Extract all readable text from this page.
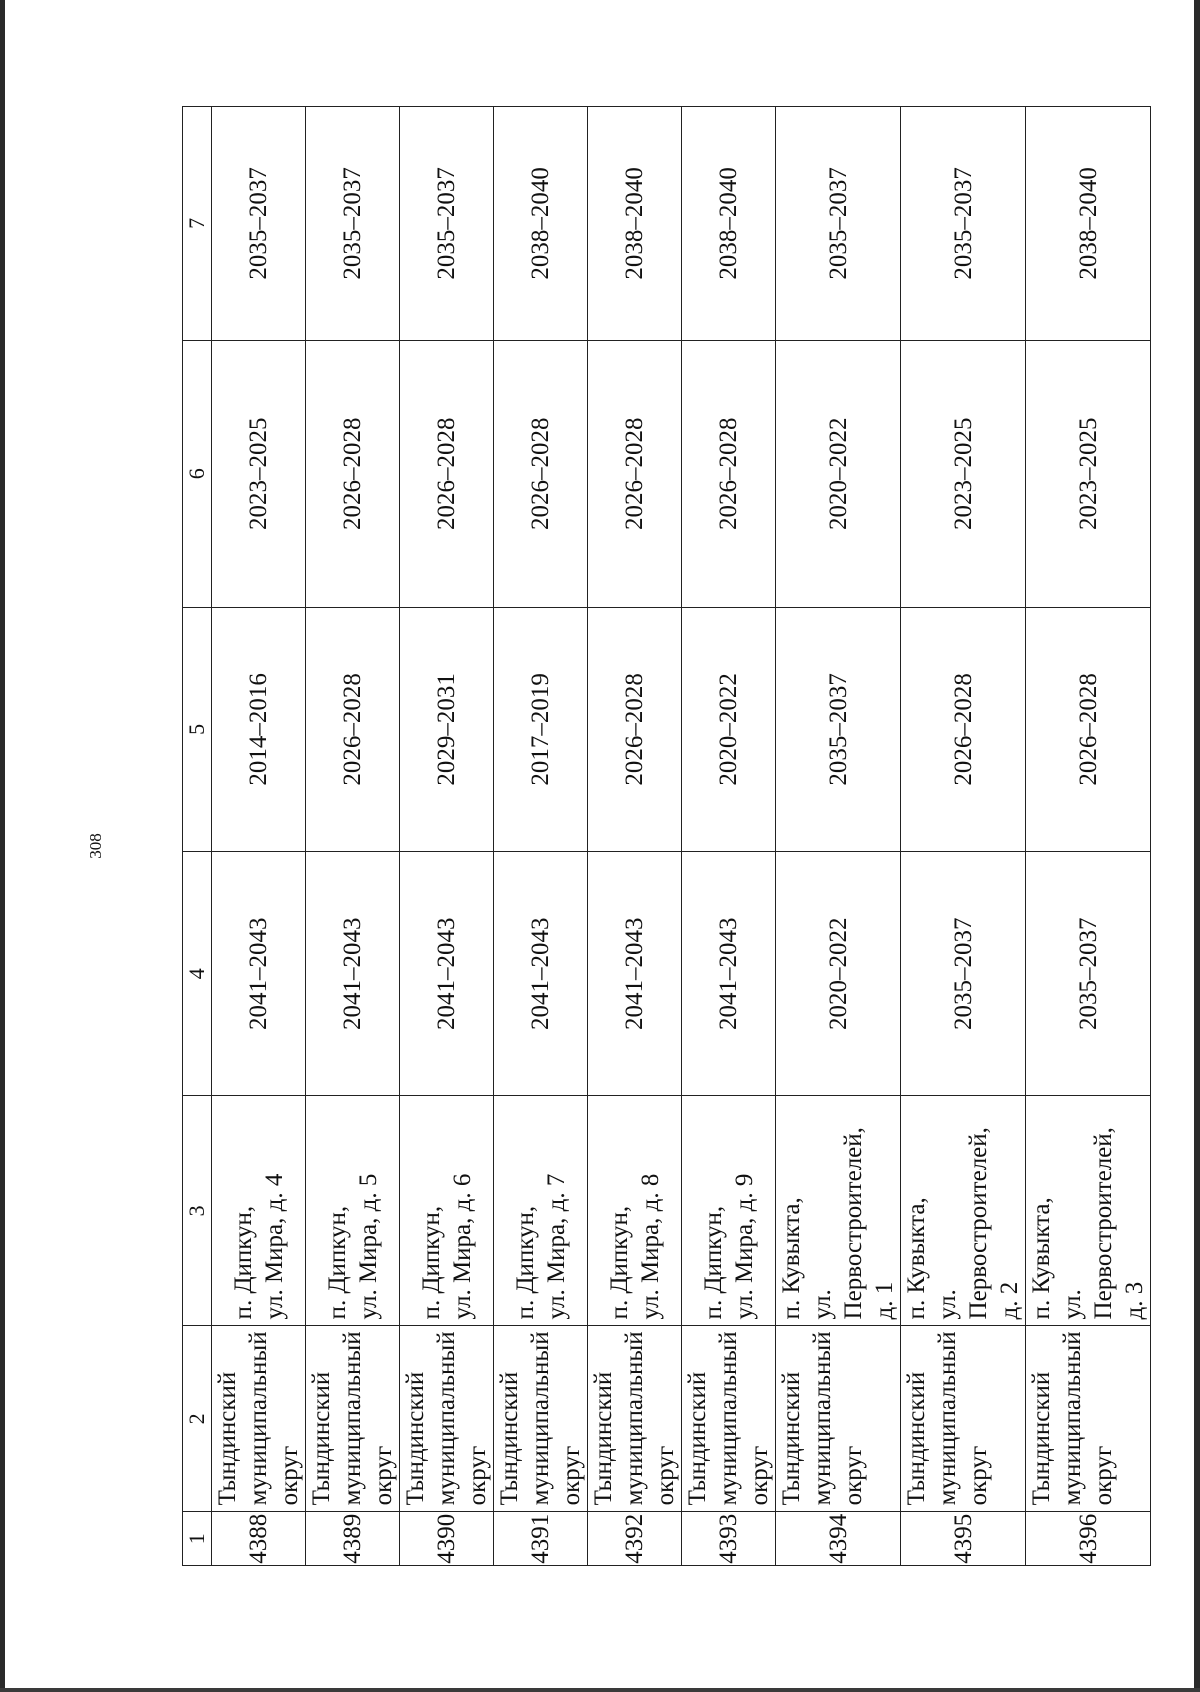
308
1	2	3	4	5	6	7
4388	Тындинский муниципальный округ	п. Дипкун, ул. Мира, д. 4	2041–2043	2014–2016	2023–2025	2035–2037
4389	Тындинский муниципальный округ	п. Дипкун, ул. Мира, д. 5	2041–2043	2026–2028	2026–2028	2035–2037
4390	Тындинский муниципальный округ	п. Дипкун, ул. Мира, д. 6	2041–2043	2029–2031	2026–2028	2035–2037
4391	Тындинский муниципальный округ	п. Дипкун, ул. Мира, д. 7	2041–2043	2017–2019	2026–2028	2038–2040
4392	Тындинский муниципальный округ	п. Дипкун, ул. Мира, д. 8	2041–2043	2026–2028	2026–2028	2038–2040
4393	Тындинский муниципальный округ	п. Дипкун, ул. Мира, д. 9	2041–2043	2020–2022	2026–2028	2038–2040
4394	Тындинский муниципальный округ	п. Кувыкта, ул. Первостроителей, д. 1	2020–2022	2035–2037	2020–2022	2035–2037
4395	Тындинский муниципальный округ	п. Кувыкта, ул. Первостроителей, д. 2	2035–2037	2026–2028	2023–2025	2035–2037
4396	Тындинский муниципальный округ	п. Кувыкта, ул. Первостроителей, д. 3	2035–2037	2026–2028	2023–2025	2038–2040
